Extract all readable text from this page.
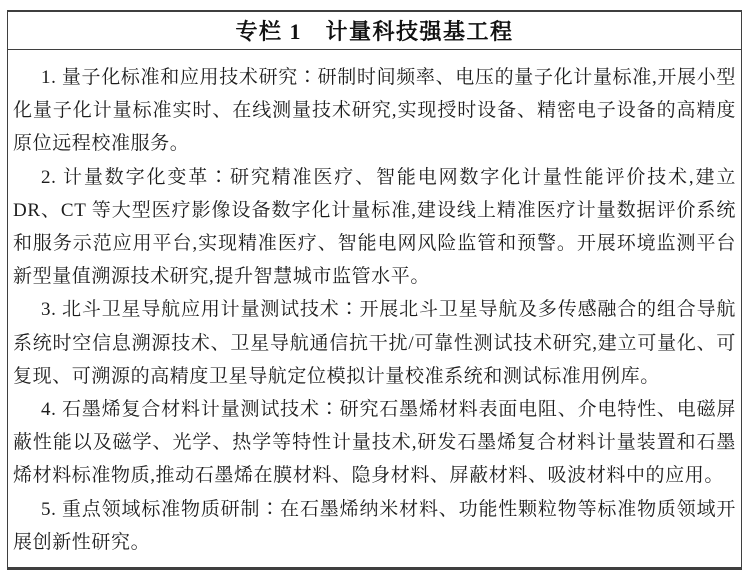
专栏 1　计量科技强基工程

1. 量子化标准和应用技术研究∶研制时间频率、电压的量子化计量标准,开展小型化量子化计量标准实时、在线测量技术研究,实现授时设备、精密电子设备的高精度原位远程校准服务。

2. 计量数字化变革∶研究精准医疗、智能电网数字化计量性能评价技术,建立DR、CT 等大型医疗影像设备数字化计量标准,建设线上精准医疗计量数据评价系统和服务示范应用平台,实现精准医疗、智能电网风险监管和预警。开展环境监测平台新型量值溯源技术研究,提升智慧城市监管水平。

3. 北斗卫星导航应用计量测试技术∶开展北斗卫星导航及多传感融合的组合导航系统时空信息溯源技术、卫星导航通信抗干扰/可靠性测试技术研究,建立可量化、可复现、可溯源的高精度卫星导航定位模拟计量校准系统和测试标准用例库。

4. 石墨烯复合材料计量测试技术∶研究石墨烯材料表面电阻、介电特性、电磁屏蔽性能以及磁学、光学、热学等特性计量技术,研发石墨烯复合材料计量装置和石墨烯材料标准物质,推动石墨烯在膜材料、隐身材料、屏蔽材料、吸波材料中的应用。

5. 重点领域标准物质研制∶在石墨烯纳米材料、功能性颗粒物等标准物质领域开展创新性研究。
